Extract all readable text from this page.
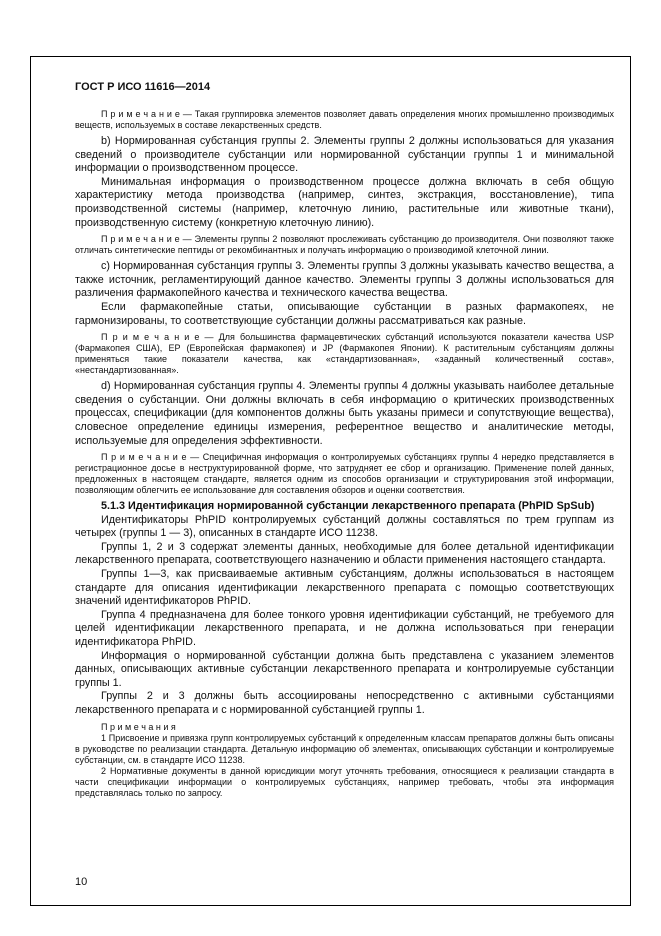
ГОСТ Р ИСО 11616—2014

П р и м е ч а н и е — Такая группировка элементов позволяет давать определения многих промышленно производимых веществ, используемых в составе лекарственных средств.

b) Нормированная субстанция группы 2. Элементы группы 2 должны использоваться для указания сведений о производителе субстанции или нормированной субстанции группы 1 и минимальной информации о производственном процессе.

Минимальная информация о производственном процессе должна включать в себя общую характеристику метода производства (например, синтез, экстракция, восстановление), типа производственной системы (например, клеточную линию, растительные или животные ткани), производственную систему (конкретную клеточную линию).

П р и м е ч а н и е — Элементы группы 2 позволяют прослеживать субстанцию до производителя. Они позволяют также отличать синтетические пептиды от рекомбинантных и получать информацию о производимой клеточной линии.

c) Нормированная субстанция группы 3. Элементы группы 3 должны указывать качество вещества, а также источник, регламентирующий данное качество. Элементы группы 3 должны использоваться для различения фармакопейного качества и технического качества вещества.

Если фармакопейные статьи, описывающие субстанции в разных фармакопеях, не гармонизированы, то соответствующие субстанции должны рассматриваться как разные.

П р и м е ч а н и е — Для большинства фармацевтических субстанций используются показатели качества USP (Фармакопея США), EP (Европейская фармакопея) и JP (Фармакопея Японии). К растительным субстанциям должны применяться такие показатели качества, как «стандартизованная», «заданный количественный состав», «нестандартизованная».

d) Нормированная субстанция группы 4. Элементы группы 4 должны указывать наиболее детальные сведения о субстанции. Они должны включать в себя информацию о критических производственных процессах, спецификации (для компонентов должны быть указаны примеси и сопутствующие вещества), словесное определение единицы измерения, референтное вещество и аналитические методы, используемые для определения эффективности.

П р и м е ч а н и е — Специфичная информация о контролируемых субстанциях группы 4 нередко представляется в регистрационное досье в неструктурированной форме, что затрудняет ее сбор и организацию. Применение полей данных, предложенных в настоящем стандарте, является одним из способов организации и структурирования этой информации, позволяющим облегчить ее использование для составления обзоров и оценки соответствия.

5.1.3 Идентификация нормированной субстанции лекарственного препарата (PhPID SpSub)

Идентификаторы PhPID контролируемых субстанций должны составляться по трем группам из четырех (группы 1 — 3), описанных в стандарте ИСО 11238.

Группы 1, 2 и 3 содержат элементы данных, необходимые для более детальной идентификации лекарственного препарата, соответствующего назначению и области применения настоящего стандарта.

Группы 1—3, как присваиваемые активным субстанциям, должны использоваться в настоящем стандарте для описания идентификации лекарственного препарата с помощью соответствующих значений идентификаторов PhPID.

Группа 4 предназначена для более тонкого уровня идентификации субстанций, не требуемого для целей идентификации лекарственного препарата, и не должна использоваться при генерации идентификатора PhPID.

Информация о нормированной субстанции должна быть представлена с указанием элементов данных, описывающих активные субстанции лекарственного препарата и контролируемые субстанции группы 1.

Группы 2 и 3 должны быть ассоциированы непосредственно с активными субстанциями лекарственного препарата и с нормированной субстанцией группы 1.

П р и м е ч а н и я

1 Присвоение и привязка групп контролируемых субстанций к определенным классам препаратов должны быть описаны в руководстве по реализации стандарта. Детальную информацию об элементах, описывающих субстанции и контролируемые субстанции, см. в стандарте ИСО 11238.

2 Нормативные документы в данной юрисдикции могут уточнять требования, относящиеся к реализации стандарта в части спецификации информации о контролируемых субстанциях, например требовать, чтобы эта информация представлялась только по запросу.

10
